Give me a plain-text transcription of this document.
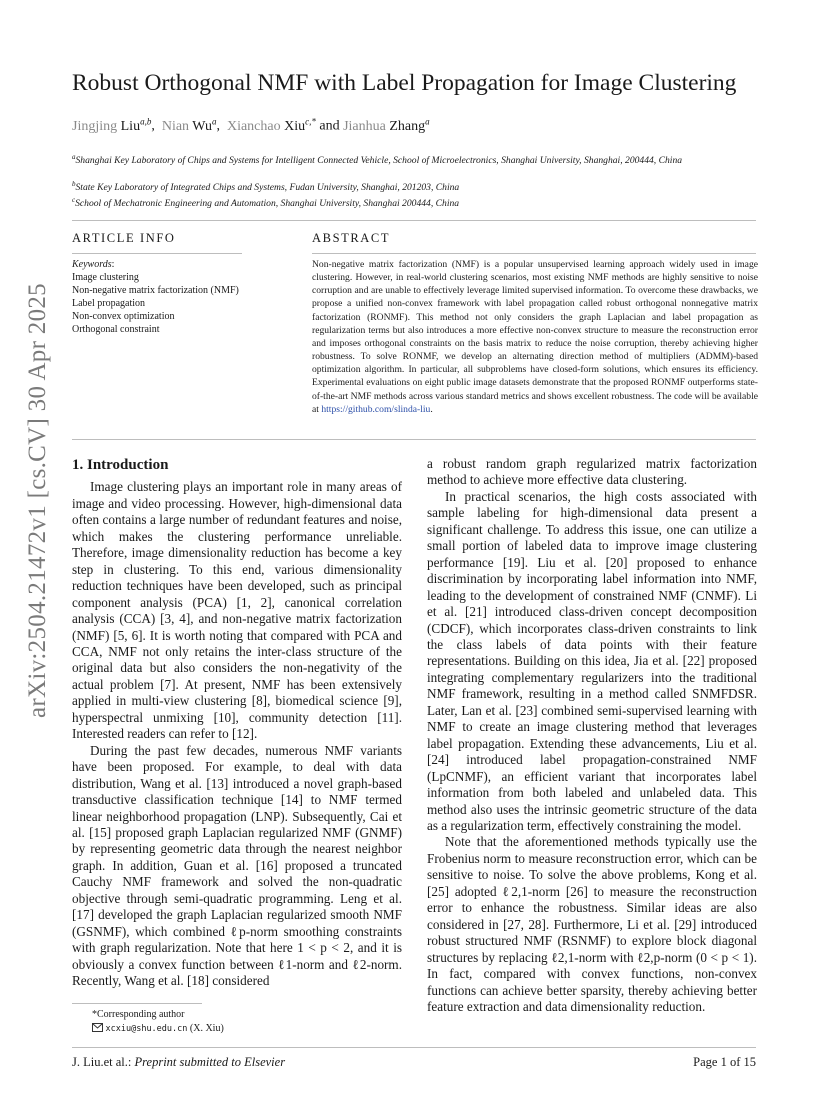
arXiv:2504.21472v1 [cs.CV] 30 Apr 2025
Robust Orthogonal NMF with Label Propagation for Image Clustering
Jingjing Liu$^{a,b}$,  Nian Wu$^a$,  Xianchao Xiu$^{c,*}$ and Jianhua Zhang$^a$
$^a$Shanghai Key Laboratory of Chips and Systems for Intelligent Connected Vehicle, School of Microelectronics, Shanghai University, Shanghai, 200444, China
$^b$State Key Laboratory of Integrated Chips and Systems, Fudan University, Shanghai, 201203, China
$^c$School of Mechatronic Engineering and Automation, Shanghai University, Shanghai 200444, China
ARTICLE INFO	ABSTRACT
Keywords:
Image clustering
Non-negative matrix factorization (NMF)
Label propagation
Non-convex optimization
Orthogonal constraint
Non-negative matrix factorization (NMF) is a popular unsupervised learning approach widely used in image clustering. However, in real-world clustering scenarios, most existing NMF methods are highly sensitive to noise corruption and are unable to effectively leverage limited supervised information. To overcome these drawbacks, we propose a unified non-convex framework with label propagation called robust orthogonal nonnegative matrix factorization (RONMF). This method not only considers the graph Laplacian and label propagation as regularization terms but also introduces a more effective non-convex structure to measure the reconstruction error and imposes orthogonal constraints on the basis matrix to reduce the noise corruption, thereby achieving higher robustness. To solve RONMF, we develop an alternating direction method of multipliers (ADMM)-based optimization algorithm. In particular, all subproblems have closed-form solutions, which ensures its efficiency. Experimental evaluations on eight public image datasets demonstrate that the proposed RONMF outperforms state-of-the-art NMF methods across various standard metrics and shows excellent robustness. The code will be available at https://github.com/slinda-liu.
1. Introduction

Image clustering plays an important role in many areas of image and video processing. However, high-dimensional data often contains a large number of redundant features and noise, which makes the clustering performance unreliable. Therefore, image dimensionality reduction has become a key step in clustering. To this end, various dimensionality reduction techniques have been developed, such as principal component analysis (PCA) [1, 2], canonical correlation analysis (CCA) [3, 4], and non-negative matrix factorization (NMF) [5, 6]. It is worth noting that compared with PCA and CCA, NMF not only retains the inter-class structure of the original data but also considers the non-negativity of the actual problem [7]. At present, NMF has been extensively applied in multi-view clustering [8], biomedical science [9], hyperspectral unmixing [10], community detection [11]. Interested readers can refer to [12].

During the past few decades, numerous NMF variants have been proposed. For example, to deal with data distribution, Wang et al. [13] introduced a novel graph-based transductive classification technique [14] to NMF termed linear neighborhood propagation (LNP). Subsequently, Cai et al. [15] proposed graph Laplacian regularized NMF (GNMF) by representing geometric data through the nearest neighbor graph. In addition, Guan et al. [16] proposed a truncated Cauchy NMF framework and solved the non-quadratic objective through semi-quadratic programming. Leng et al. [17] developed the graph Laplacian regularized smooth NMF (GSNMF), which combined ℓp-norm smoothing constraints with graph regularization. Note that here 1 < p < 2, and it is obviously a convex function between ℓ1-norm and ℓ2-norm. Recently, Wang et al. [18] considered

a robust random graph regularized matrix factorization method to achieve more effective data clustering.

In practical scenarios, the high costs associated with sample labeling for high-dimensional data present a significant challenge. To address this issue, one can utilize a small portion of labeled data to improve image clustering performance [19]. Liu et al. [20] proposed to enhance discrimination by incorporating label information into NMF, leading to the development of constrained NMF (CNMF). Li et al. [21] introduced class-driven concept decomposition (CDCF), which incorporates class-driven constraints to link the class labels of data points with their feature representations. Building on this idea, Jia et al. [22] proposed integrating complementary regularizers into the traditional NMF framework, resulting in a method called SNMFDSR. Later, Lan et al. [23] combined semi-supervised learning with NMF to create an image clustering method that leverages label propagation. Extending these advancements, Liu et al. [24] introduced label propagation-constrained NMF (LpCNMF), an efficient variant that incorporates label information from both labeled and unlabeled data. This method also uses the intrinsic geometric structure of the data as a regularization term, effectively constraining the model.

Note that the aforementioned methods typically use the Frobenius norm to measure reconstruction error, which can be sensitive to noise. To solve the above problems, Kong et al. [25] adopted ℓ2,1-norm [26] to measure the reconstruction error to enhance the robustness. Similar ideas are also considered in [27, 28]. Furthermore, Li et al. [29] introduced robust structured NMF (RSNMF) to explore block diagonal structures by replacing ℓ2,1-norm with ℓ2,p-norm (0 < p < 1). In fact, compared with convex functions, non-convex functions can achieve better sparsity, thereby achieving better feature extraction and data dimensionality reduction.

*Corresponding author
xcxiu@shu.edu.cn (X. Xiu)
J. Liu.et al.: Preprint submitted to Elsevier	Page 1 of 15
